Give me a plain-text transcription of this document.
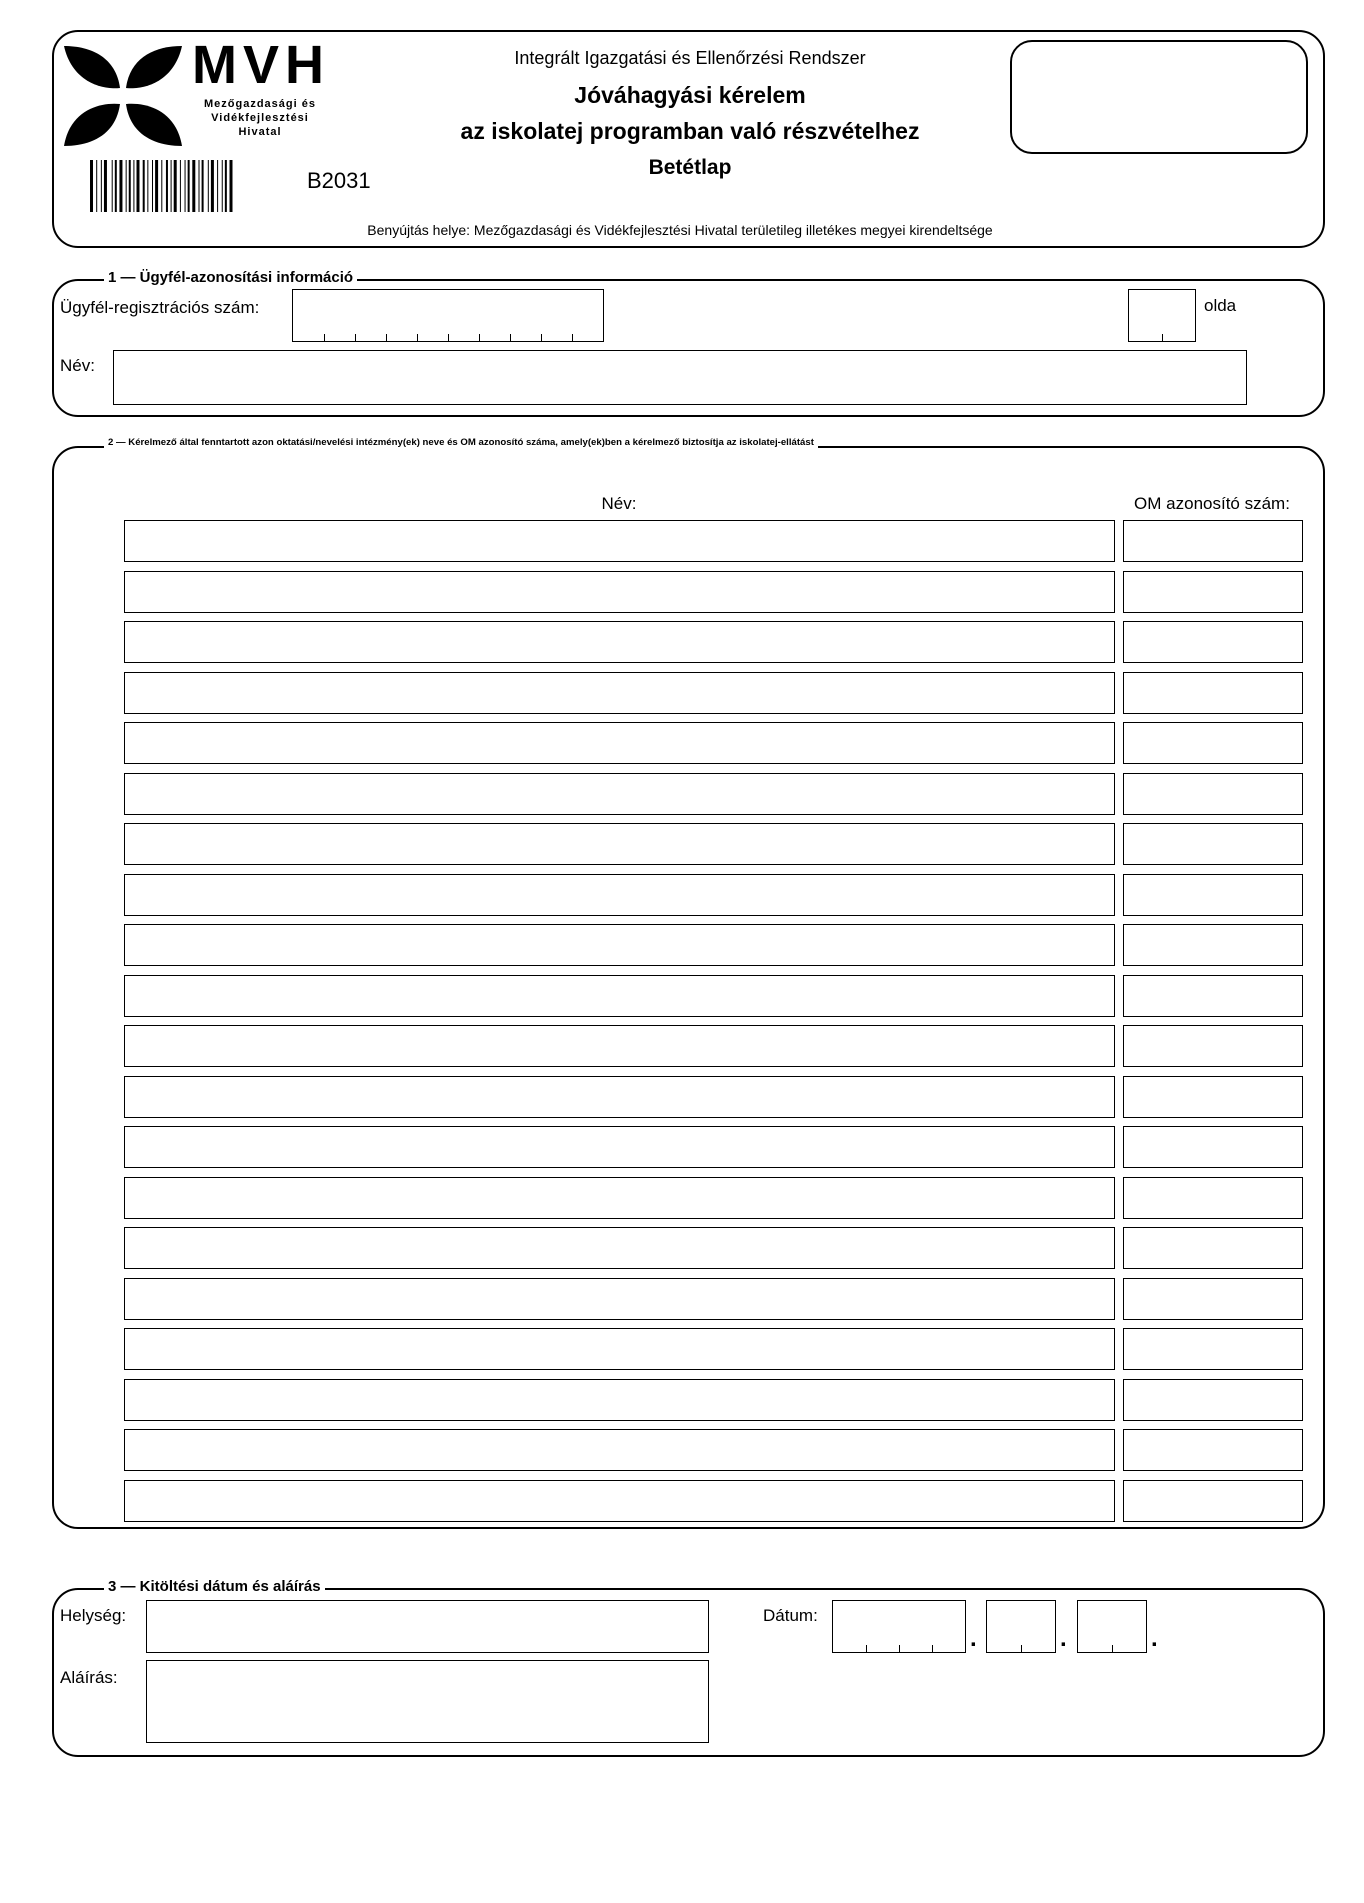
MVH
Mezőgazdasági és
Vidékfejlesztési
Hivatal
B2031
Integrált Igazgatási és Ellenőrzési Rendszer
Jóváhagyási kérelem
az iskolatej programban való részvételhez
Betétlap
Benyújtás helye: Mezőgazdasági és Vidékfejlesztési Hivatal területileg illetékes megyei kirendeltsége
1 — Ügyfél-azonosítási információ
Ügyfél-regisztrációs szám:	olda
Név:
2 — Kérelmező által fenntartott azon oktatási/nevelési intézmény(ek) neve és OM azonosító száma, amely(ek)ben a kérelmező biztosítja az iskolatej-ellátást
Név:	OM azonosító szám:
3 — Kitöltési dátum és aláírás
Helység:
Aláírás:
Dátum:
.	.	.
